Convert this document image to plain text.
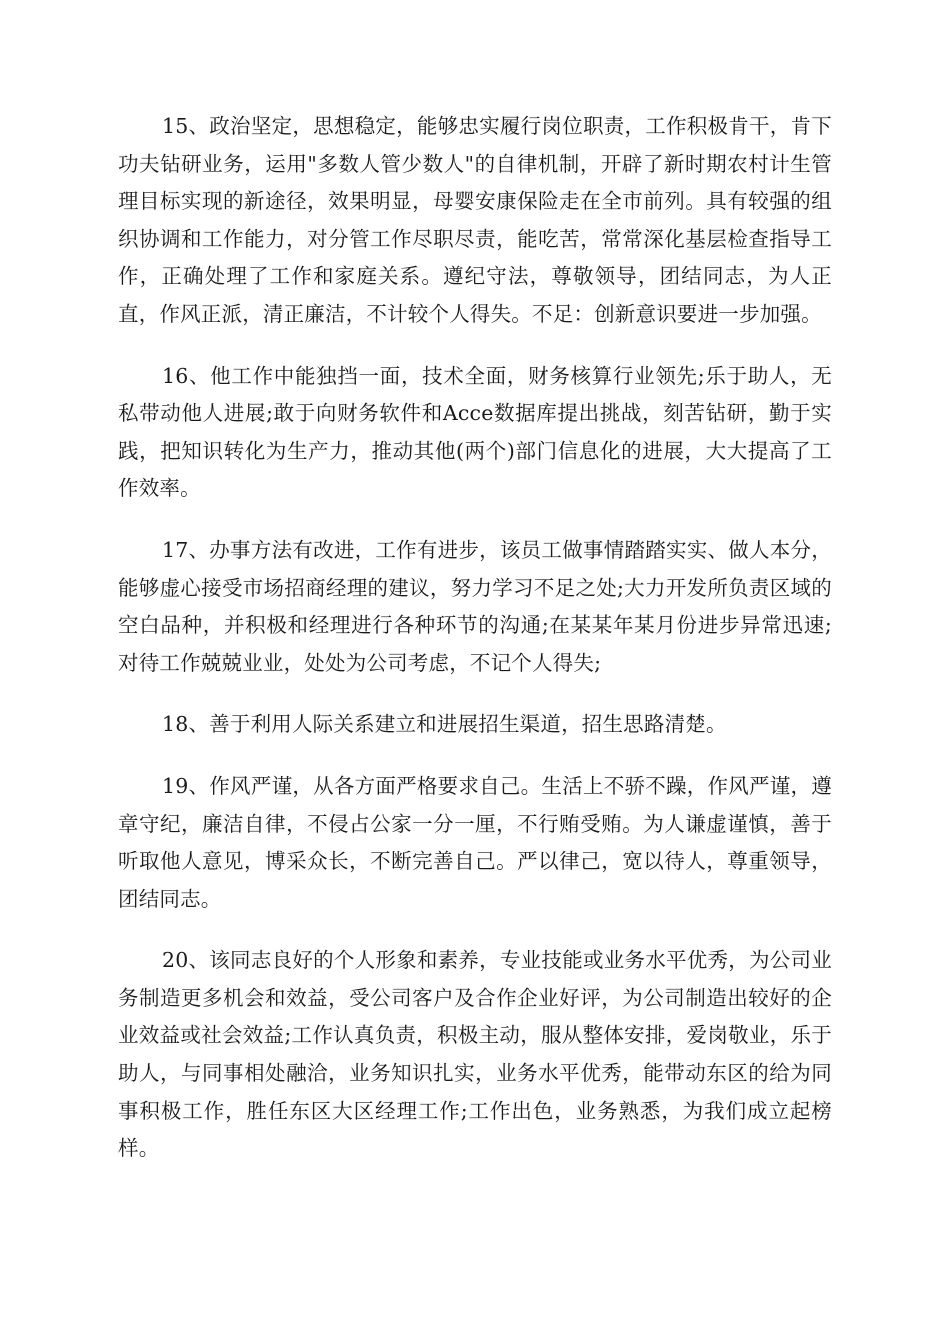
15、政治坚定，思想稳定，能够忠实履行岗位职责，工作积极肯干，肯下功夫钻研业务，运用"多数人管少数人"的自律机制，开辟了新时期农村计生管理目标实现的新途径，效果明显，母婴安康保险走在全市前列。具有较强的组织协调和工作能力，对分管工作尽职尽责，能吃苦，常常深化基层检查指导工作，正确处理了工作和家庭关系。遵纪守法，尊敬领导，团结同志，为人正直，作风正派，清正廉洁，不计较个人得失。不足：创新意识要进一步加强。

16、他工作中能独挡一面，技术全面，财务核算行业领先;乐于助人，无私带动他人进展;敢于向财务软件和Acce数据库提出挑战，刻苦钻研，勤于实践，把知识转化为生产力，推动其他(两个)部门信息化的进展，大大提高了工作效率。

17、办事方法有改进，工作有进步，该员工做事情踏踏实实、做人本分，能够虚心接受市场招商经理的建议，努力学习不足之处;大力开发所负责区域的空白品种，并积极和经理进行各种环节的沟通;在某某年某月份进步异常迅速;对待工作兢兢业业，处处为公司考虑，不记个人得失;

18、善于利用人际关系建立和进展招生渠道，招生思路清楚。

19、作风严谨，从各方面严格要求自己。生活上不骄不躁，作风严谨，遵章守纪，廉洁自律，不侵占公家一分一厘，不行贿受贿。为人谦虚谨慎，善于听取他人意见，博采众长，不断完善自己。严以律己，宽以待人，尊重领导，团结同志。

20、该同志良好的个人形象和素养，专业技能或业务水平优秀，为公司业务制造更多机会和效益，受公司客户及合作企业好评，为公司制造出较好的企业效益或社会效益;工作认真负责，积极主动，服从整体安排，爱岗敬业，乐于助人，与同事相处融洽，业务知识扎实，业务水平优秀，能带动东区的给为同事积极工作，胜任东区大区经理工作;工作出色，业务熟悉，为我们成立起榜样。
